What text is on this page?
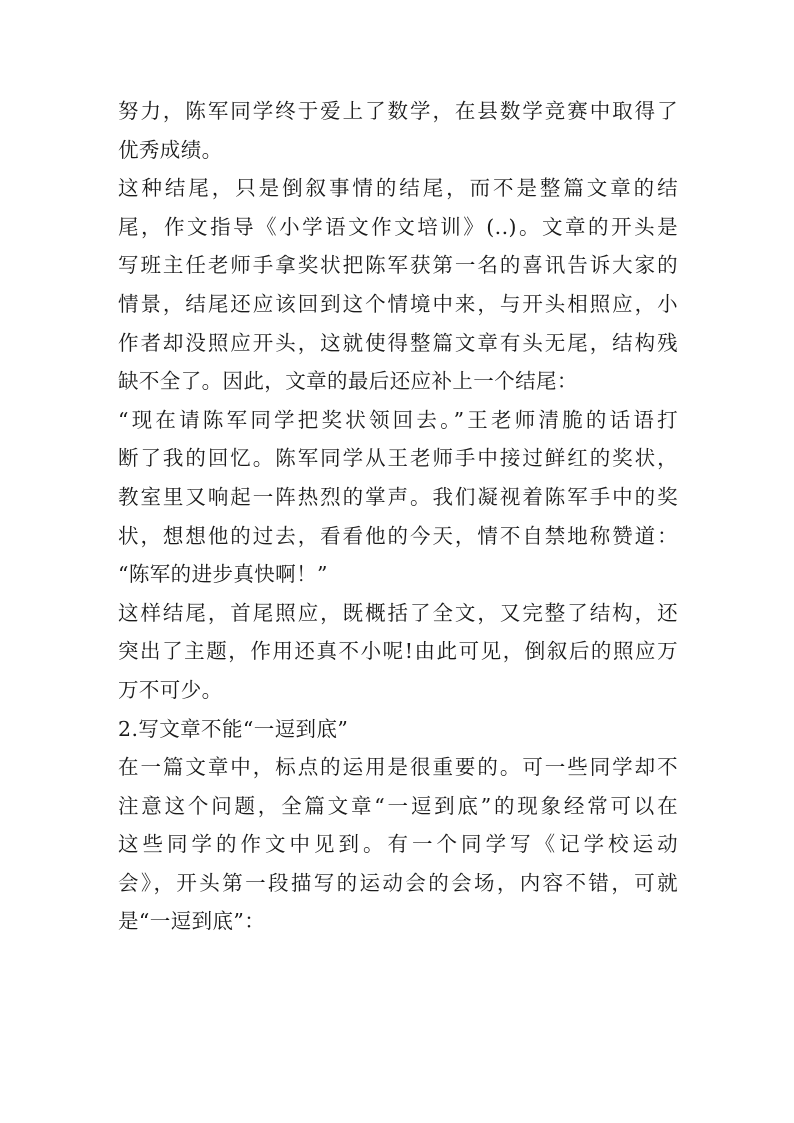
努力，陈军同学终于爱上了数学，在县数学竞赛中取得了
优秀成绩。
这种结尾，只是倒叙事情的结尾，而不是整篇文章的结
尾，作文指导《小学语文作文培训》(..)。文章的开头是
写班主任老师手拿奖状把陈军获第一名的喜讯告诉大家的
情景，结尾还应该回到这个情境中来，与开头相照应，小
作者却没照应开头，这就使得整篇文章有头无尾，结构残
缺不全了。因此，文章的最后还应补上一个结尾：
“现在请陈军同学把奖状领回去。”王老师清脆的话语打
断了我的回忆。陈军同学从王老师手中接过鲜红的奖状，
教室里又响起一阵热烈的掌声。我们凝视着陈军手中的奖
状，想想他的过去，看看他的今天，情不自禁地称赞道：
“陈军的进步真快啊！”
这样结尾，首尾照应，既概括了全文，又完整了结构，还
突出了主题，作用还真不小呢!由此可见，倒叙后的照应万
万不可少。
2.写文章不能“一逗到底”
在一篇文章中，标点的运用是很重要的。可一些同学却不
注意这个问题，全篇文章“一逗到底”的现象经常可以在
这些同学的作文中见到。有一个同学写《记学校运动
会》，开头第一段描写的运动会的会场，内容不错，可就
是“一逗到底”：
